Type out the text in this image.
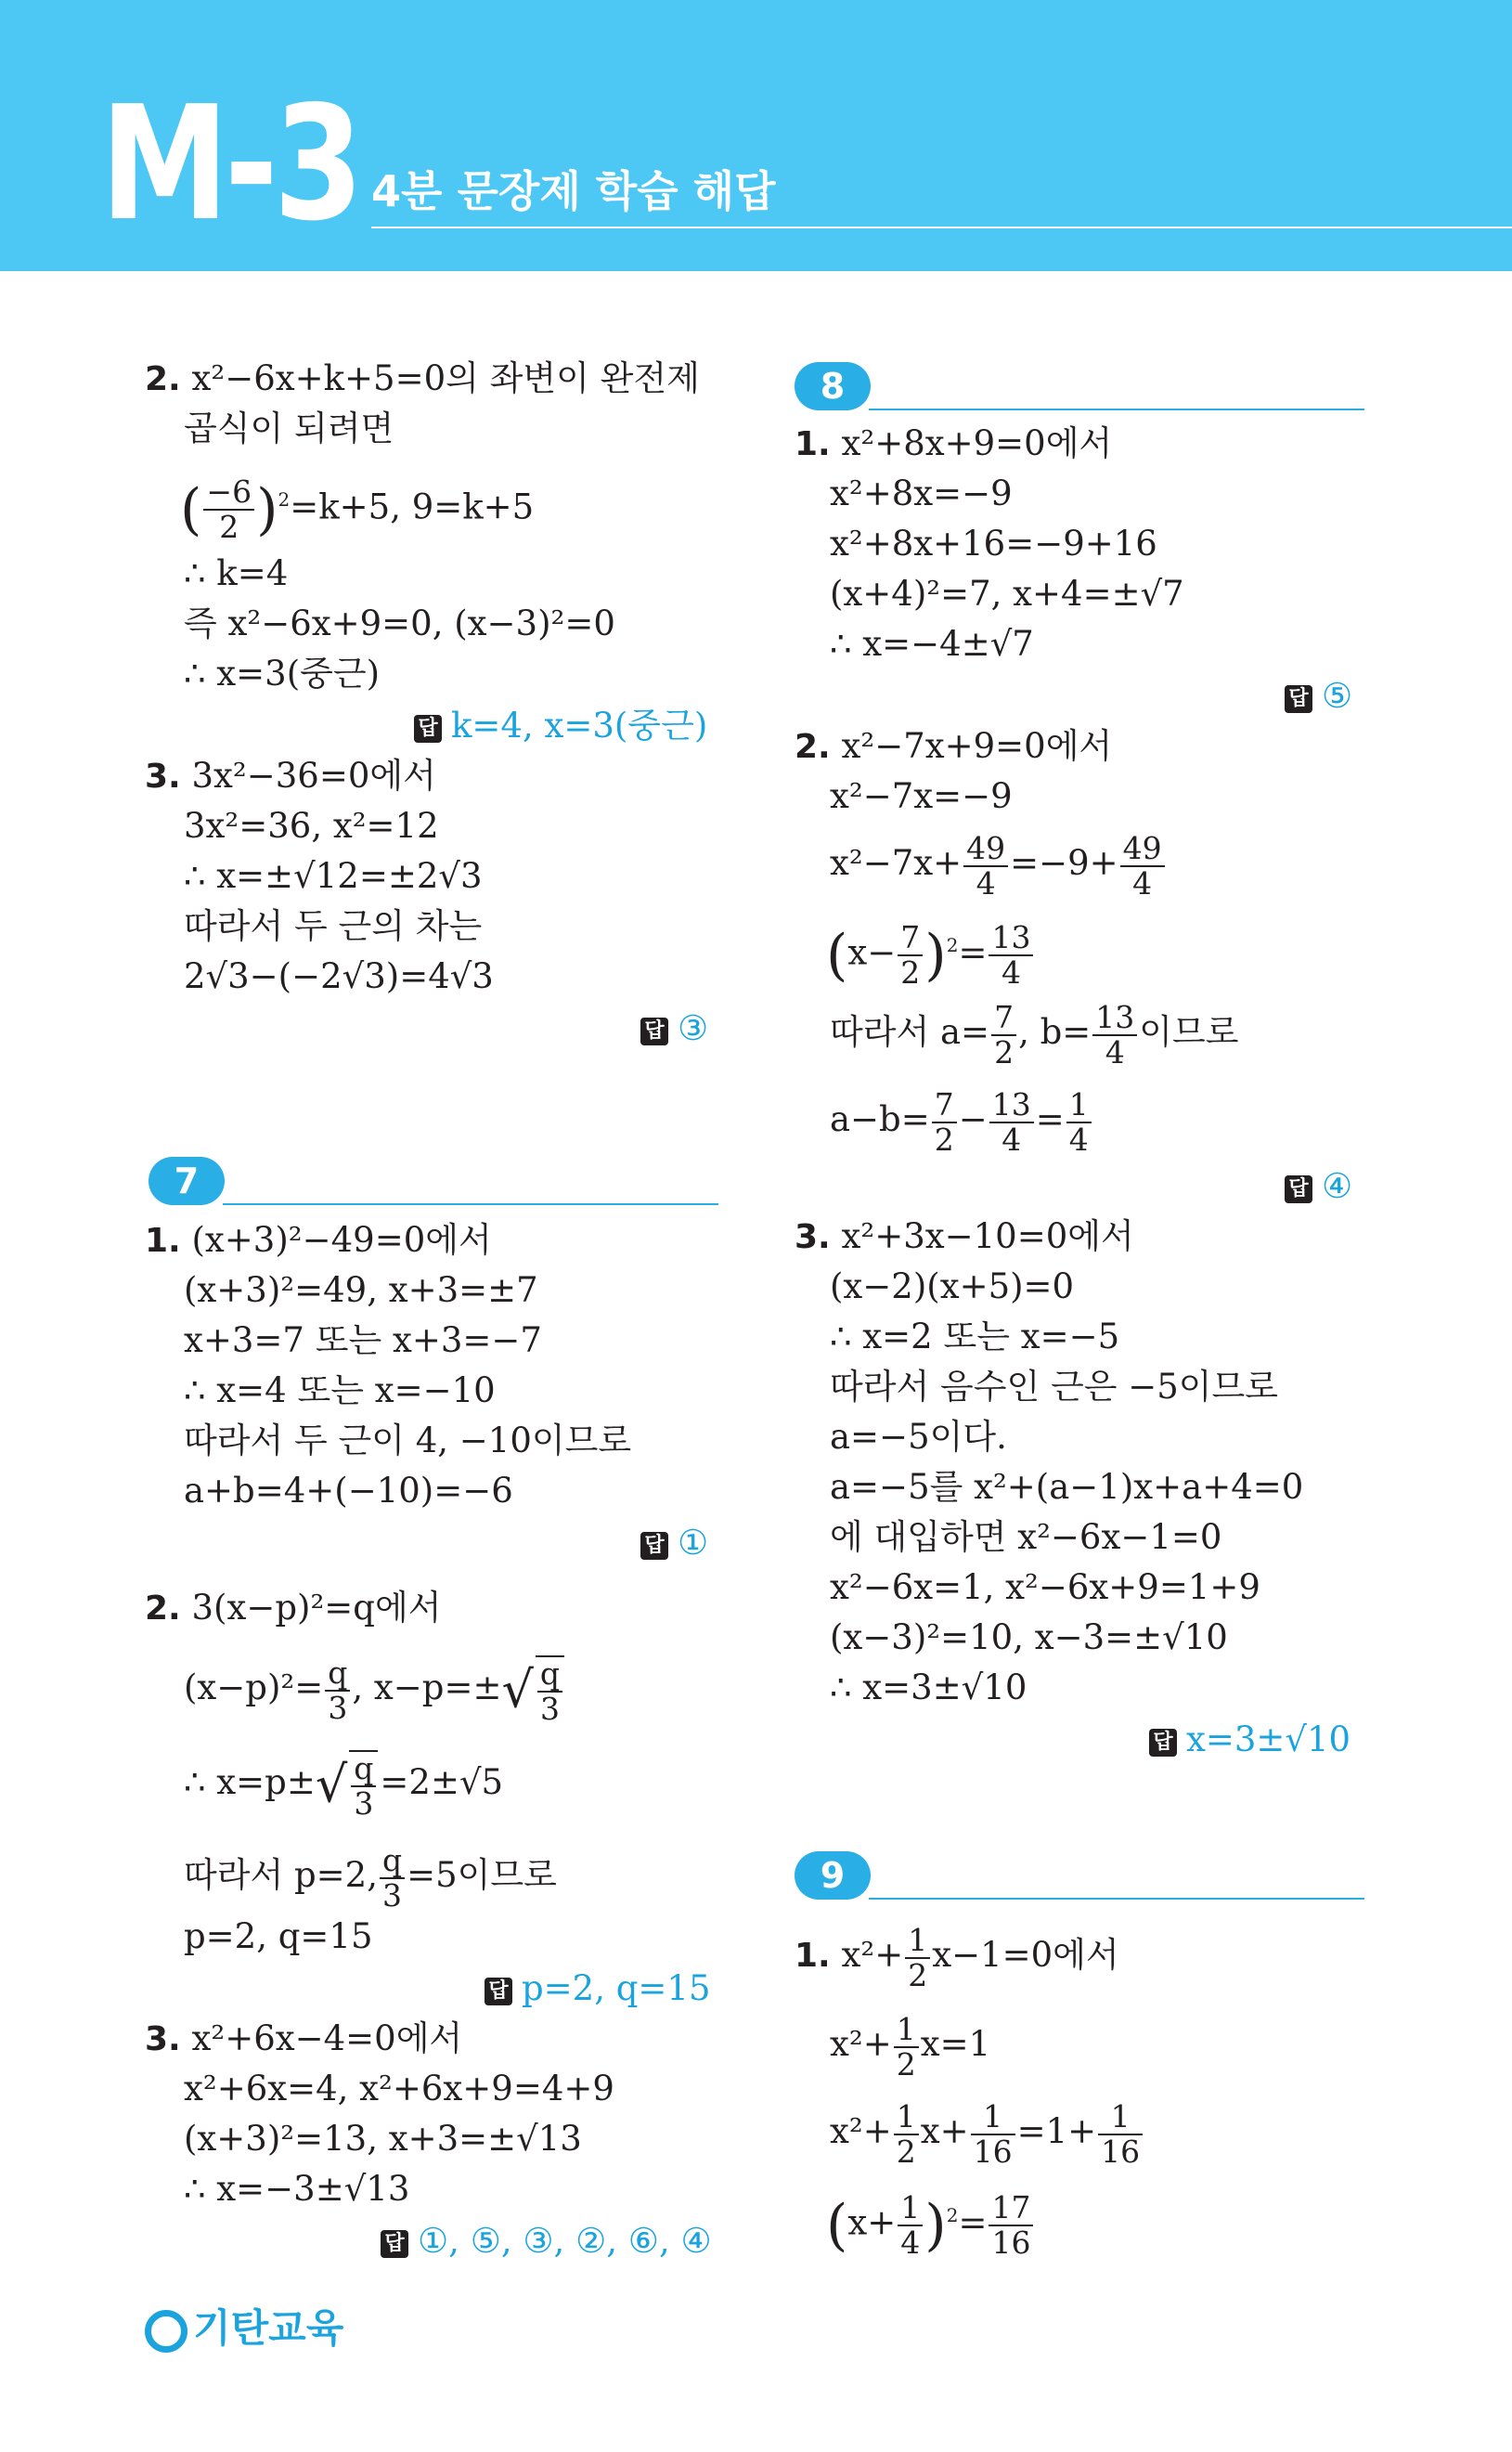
M-3 4분 문장제 학습 해답
2. x²−6x+k+5=0의 좌변이 완전제
곱식이 되려면
( $\frac{-6}{2} )^2=k+5$, 9=k+5
∴ k=4
즉 x²−6x+9=0, (x−3)²=0
∴ x=3(중근)
답 k=4, x=3(중근)
3. 3x²−36=0에서
3x²=36, x²=12
∴ x=±√12=±2√3
따라서 두 근의 차는
2√3−(−2√3)=4√3
답 ③
7
1. (x+3)²−49=0에서
(x+3)²=49, x+3=±7
x+3=7 또는 x+3=−7
∴ x=4 또는 x=−10
따라서 두 근이 4, −10이므로
a+b=4+(−10)=−6
답 ①
2. 3(x−p)²=q에서
$(x-p)^2= \frac{q}{3}$ , $x-p=\pm√ \frac{q}{3}$
∴ $x=p\pm√ \frac{q}{3} =2\pm√5$
따라서 p=2, $\frac{q}{3} =5$이므로
p=2, q=15
답 p=2, q=15
3. x²+6x−4=0에서
x²+6x=4, x²+6x+9=4+9
(x+3)²=13, x+3=±√13
∴ x=−3±√13
답 ①, ⑤, ③, ②, ⑥, ④
8
1. x²+8x+9=0에서
x²+8x=−9
x²+8x+16=−9+16
(x+4)²=7, x+4=±√7
∴ x=−4±√7
답 ⑤
2. x²−7x+9=0에서
x²−7x=−9
$x^2-7x+ \frac{49}{4} =-9+ \frac{49}{4}$
$(x- \frac{7}{2} )^2= \frac{13}{4}$
따라서 $a= \frac{7}{2}$ , $b= \frac{13}{4}$ 이므로
$a-b= \frac{7}{2} - \frac{13}{4} = \frac{1}{4}$
답 ④
3. x²+3x−10=0에서
(x−2)(x+5)=0
∴ x=2 또는 x=−5
따라서 음수인 근은 −5이므로
a=−5이다.
a=−5를 x²+(a−1)x+a+4=0
에 대입하면 x²−6x−1=0
x²−6x=1, x²−6x+9=1+9
(x−3)²=10, x−3=±√10
∴ x=3±√10
답 x=3±√10
9
1. $x^2+ \frac{1}{2} x-1=0$에서
$x^2+ \frac{1}{2} x=1$
$x^2+ \frac{1}{2} x+ \frac{1}{16} =1+ \frac{1}{16}$
$(x+ \frac{1}{4} )^2= \frac{17}{16}$
기탄교육
